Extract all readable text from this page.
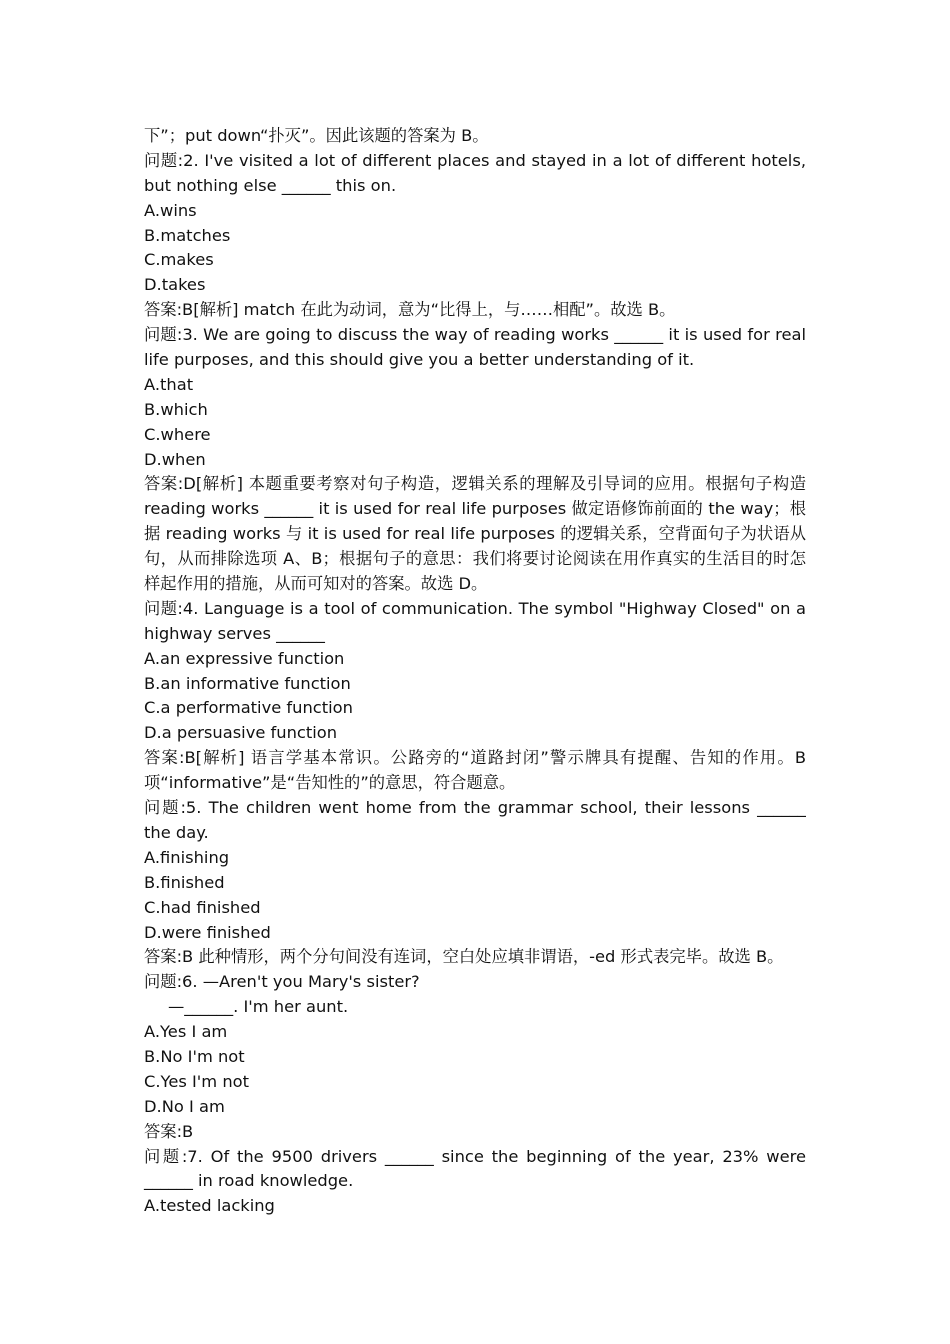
下”；put down“扑灭”。因此该题的答案为 B。
问题:2. I've visited a lot of different places and stayed in a lot of different hotels,
but nothing else ______ this on.
A.wins
B.matches
C.makes
D.takes
答案:B[解析] match 在此为动词，意为“比得上，与……相配”。故选 B。
问题:3. We are going to discuss the way of reading works ______ it is used for real
life purposes, and this should give you a better understanding of it.
A.that
B.which
C.where
D.when
答案:D[解析] 本题重要考察对句子构造，逻辑关系的理解及引导词的应用。根据句子构造
reading works ______ it is used for real life purposes 做定语修饰前面的 the way；根
据 reading works 与 it is used for real life purposes 的逻辑关系，空背面句子为状语从
句，从而排除选项 A、B；根据句子的意思：我们将要讨论阅读在用作真实的生活目的时怎
样起作用的措施，从而可知对的答案。故选 D。
问题:4. Language is a tool of communication. The symbol "Highway Closed" on a
highway serves ______
A.an expressive function
B.an informative function
C.a performative function
D.a persuasive function
答案:B[解析] 语言学基本常识。公路旁的“道路封闭”警示牌具有提醒、告知的作用。B
项“informative”是“告知性的”的意思，符合题意。
问题:5. The children went home from the grammar school, their lessons ______
the day.
A.finishing
B.finished
C.had finished
D.were finished
答案:B 此种情形，两个分句间没有连词，空白处应填非谓语，-ed 形式表完毕。故选 B。
问题:6. —Aren't you Mary's sister?
—______. I'm her aunt.
A.Yes I am
B.No I'm not
C.Yes I'm not
D.No I am
答案:B
问题:7. Of the 9500 drivers ______ since the beginning of the year, 23% were
______ in road knowledge.
A.tested lacking
